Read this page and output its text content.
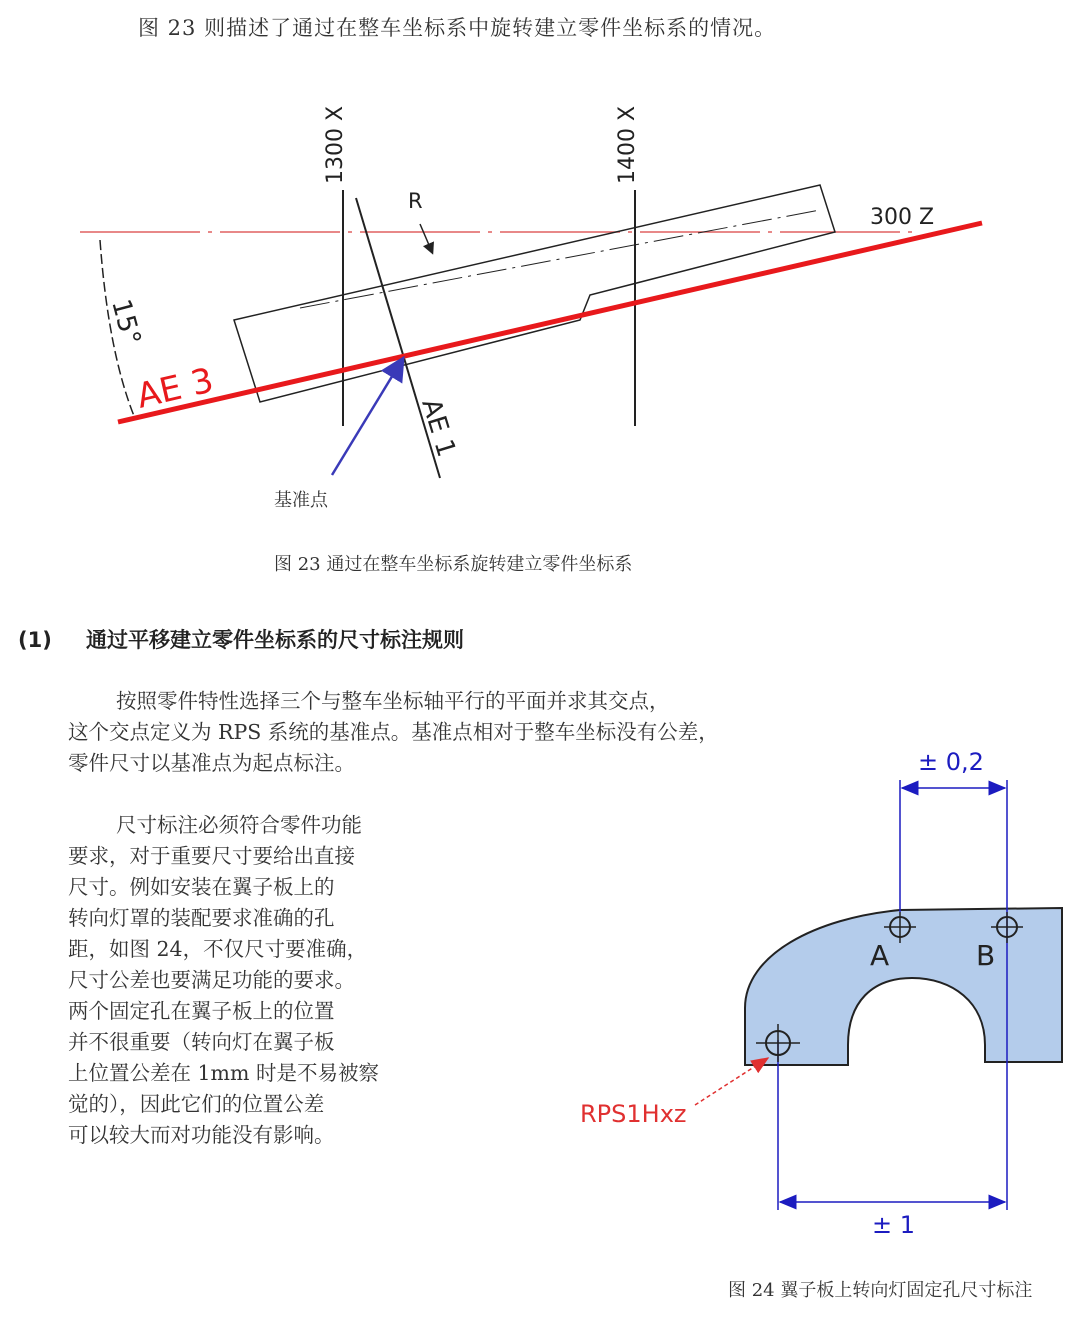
图 23 则描述了通过在整车坐标系中旋转建立零件坐标系的情况。
1300 X	1400 X
R
300 Z
15°
AE 3
AE 1
基准点
图 23 通过在整车坐标系旋转建立零件坐标系
(1) 通过平移建立零件坐标系的尺寸标注规则
按照零件特性选择三个与整车坐标轴平行的平面并求其交点，
这个交点定义为 RPS 系统的基准点。基准点相对于整车坐标没有公差，
零件尺寸以基准点为起点标注。
尺寸标注必须符合零件功能
要求，对于重要尺寸要给出直接
尺寸。例如安装在翼子板上的
转向灯罩的装配要求准确的孔
距，如图 24，不仅尺寸要准确，
尺寸公差也要满足功能的要求。
两个固定孔在翼子板上的位置
并不很重要（转向灯在翼子板
上位置公差在 1mm 时是不易被察
觉的），因此它们的位置公差
可以较大而对功能没有影响。
± 0,2
± 1
A	B
RPS1Hxz
图 24 翼子板上转向灯固定孔尺寸标注
